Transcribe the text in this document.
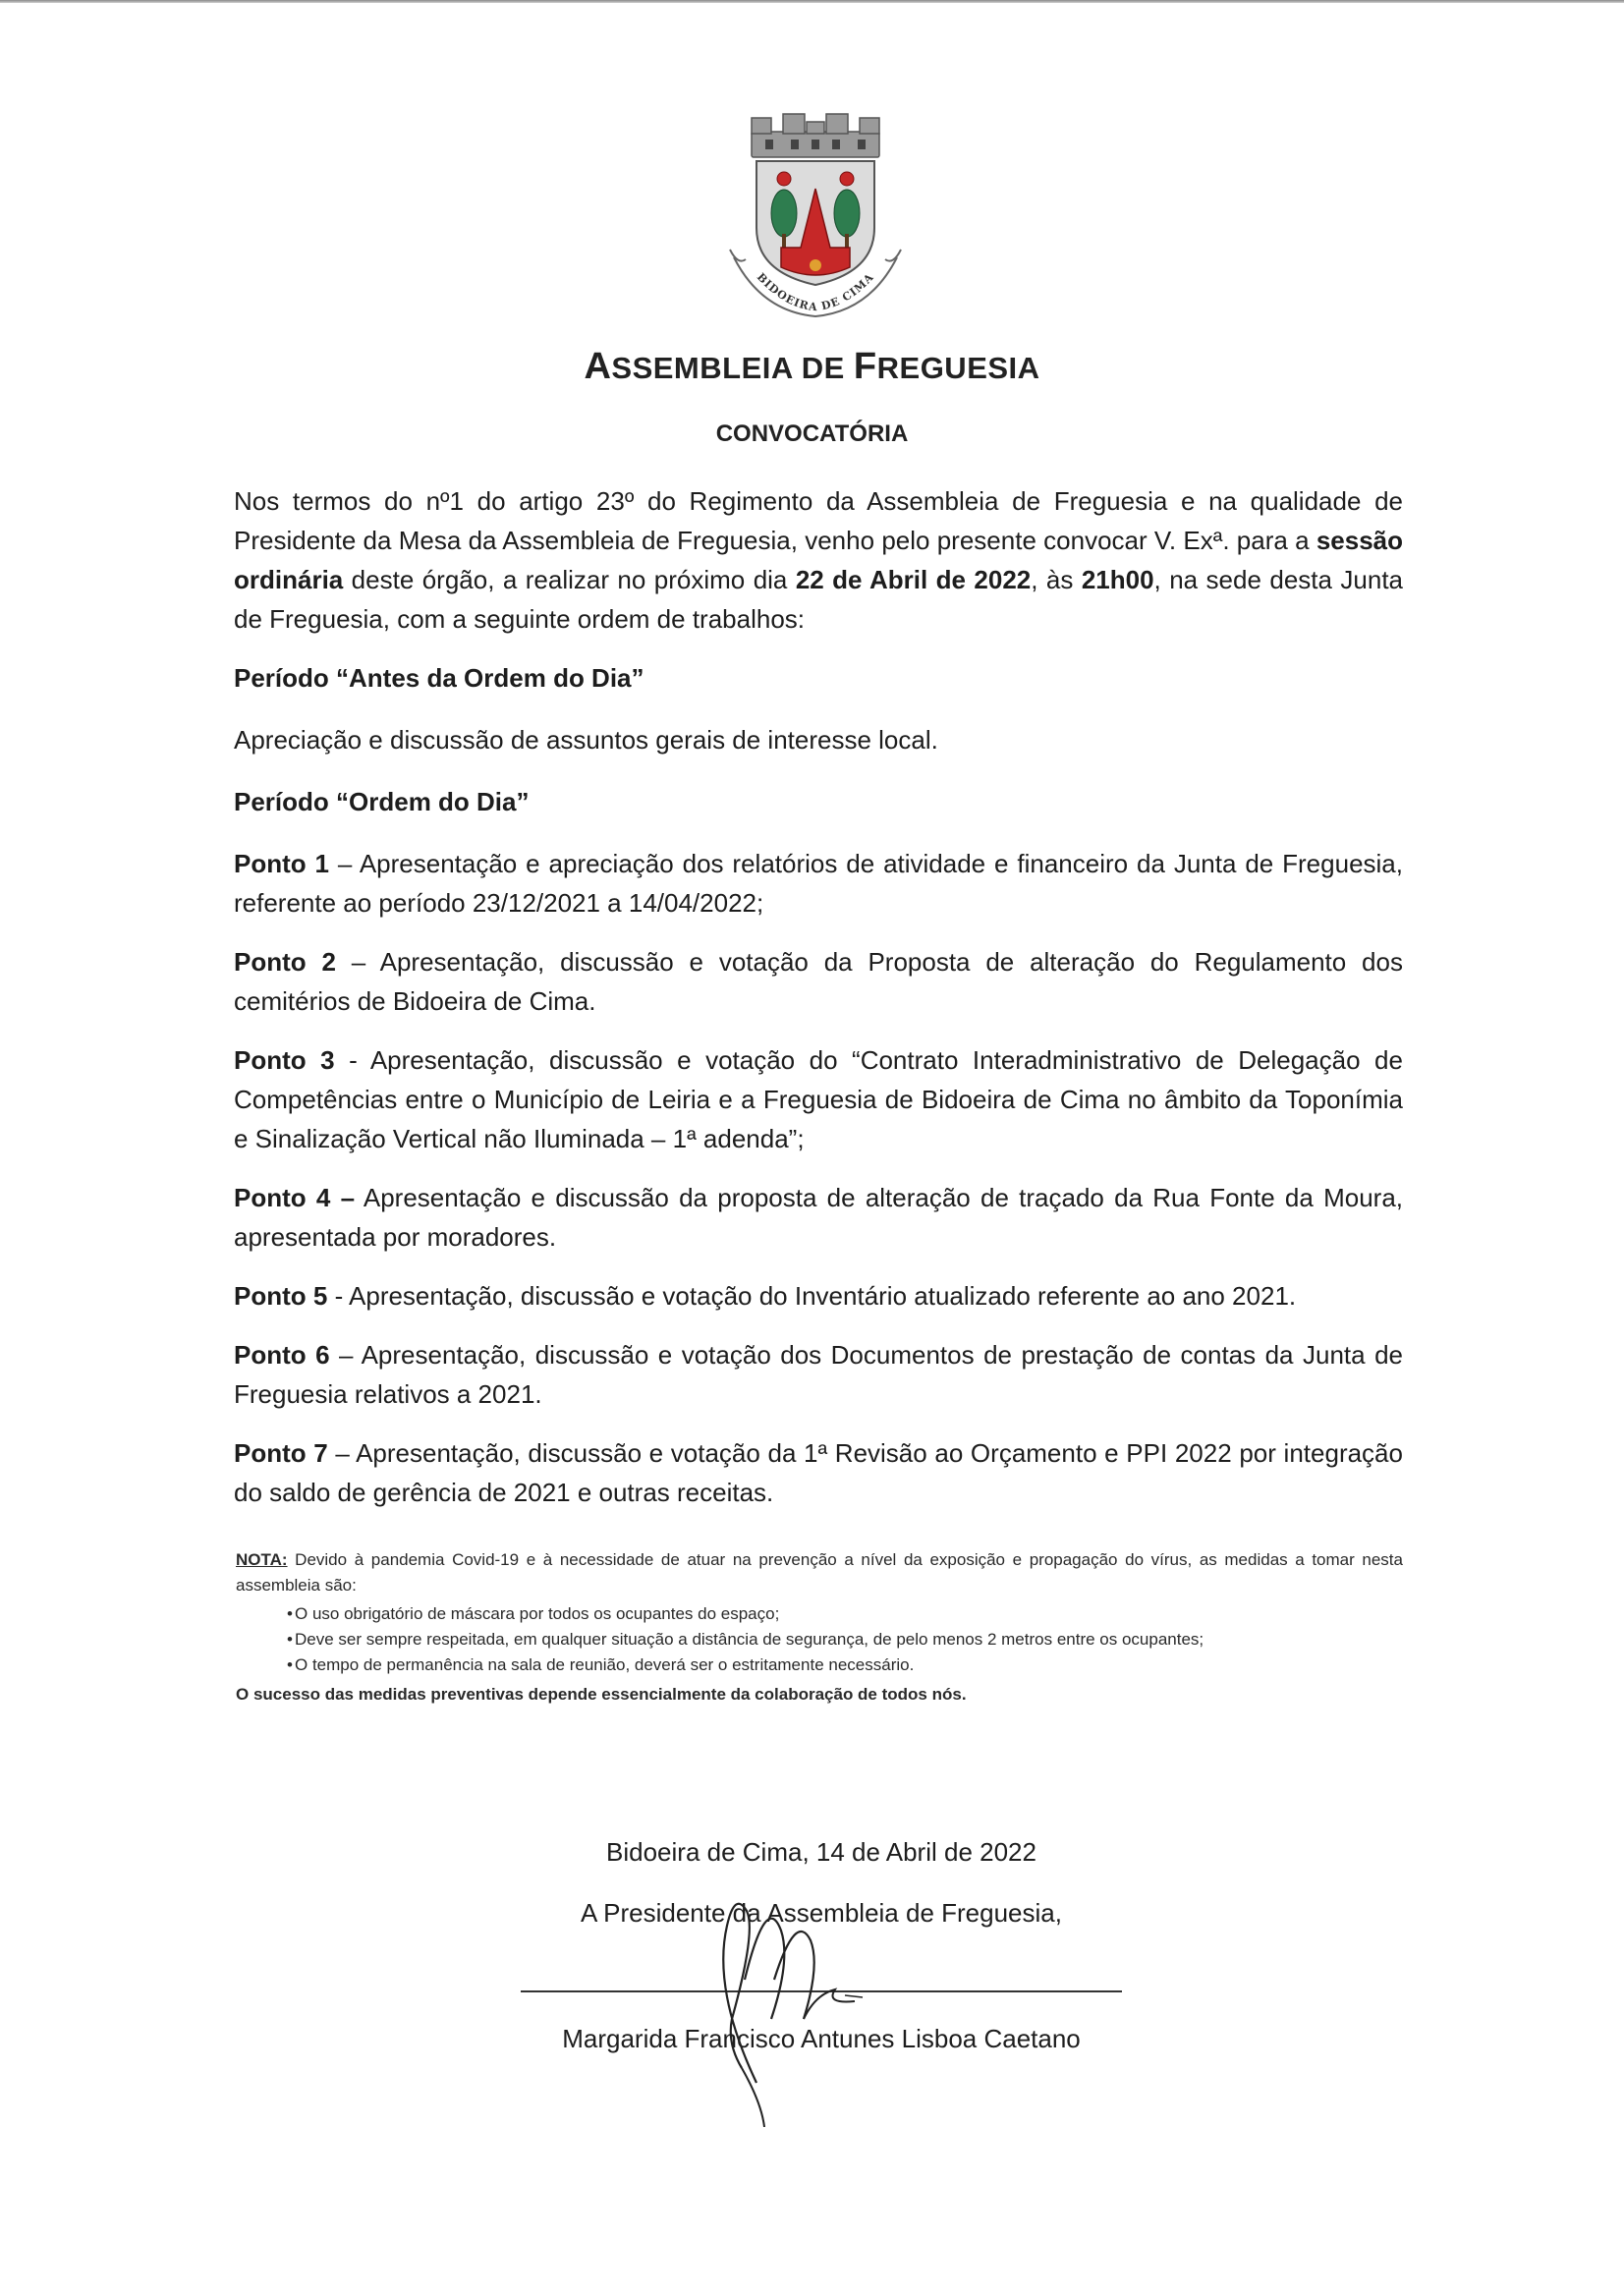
BIDOEIRA DE CIMA
ASSEMBLEIA DE FREGUESIA
CONVOCATÓRIA

Nos termos do nº1 do artigo 23º do Regimento da Assembleia de Freguesia e na qualidade de Presidente da Mesa da Assembleia de Freguesia, venho pelo presente convocar V. Exª. para a sessão ordinária deste órgão, a realizar no próximo dia 22 de Abril de 2022, às 21h00, na sede desta Junta de Freguesia, com a seguinte ordem de trabalhos:

Período “Antes da Ordem do Dia”

Apreciação e discussão de assuntos gerais de interesse local.

Período “Ordem do Dia”

Ponto 1 – Apresentação e apreciação dos relatórios de atividade e financeiro da Junta de Freguesia, referente ao período 23/12/2021 a 14/04/2022;

Ponto 2 – Apresentação, discussão e votação da Proposta de alteração do Regulamento dos cemitérios de Bidoeira de Cima.

Ponto 3 - Apresentação, discussão e votação do “Contrato Interadministrativo de Delegação de Competências entre o Município de Leiria e a Freguesia de Bidoeira de Cima no âmbito da Toponímia e Sinalização Vertical não Iluminada – 1ª adenda”;

Ponto 4 – Apresentação e discussão da proposta de alteração de traçado da Rua Fonte da Moura, apresentada por moradores.

Ponto 5 - Apresentação, discussão e votação do Inventário atualizado referente ao ano 2021.

Ponto 6 – Apresentação, discussão e votação dos Documentos de prestação de contas da Junta de Freguesia relativos a 2021.

Ponto 7 – Apresentação, discussão e votação da 1ª Revisão ao Orçamento e PPI 2022 por integração do saldo de gerência de 2021 e outras receitas.

NOTA: Devido à pandemia Covid-19 e à necessidade de atuar na prevenção a nível da exposição e propagação do vírus, as medidas a tomar nesta assembleia são:

• O uso obrigatório de máscara por todos os ocupantes do espaço;
• Deve ser sempre respeitada, em qualquer situação a distância de segurança, de pelo menos 2 metros entre os ocupantes;
• O tempo de permanência na sala de reunião, deverá ser o estritamente necessário.

O sucesso das medidas preventivas depende essencialmente da colaboração de todos nós.

Bidoeira de Cima, 14 de Abril de 2022
A Presidente da Assembleia de Freguesia,
Margarida Francisco Antunes Lisboa Caetano
